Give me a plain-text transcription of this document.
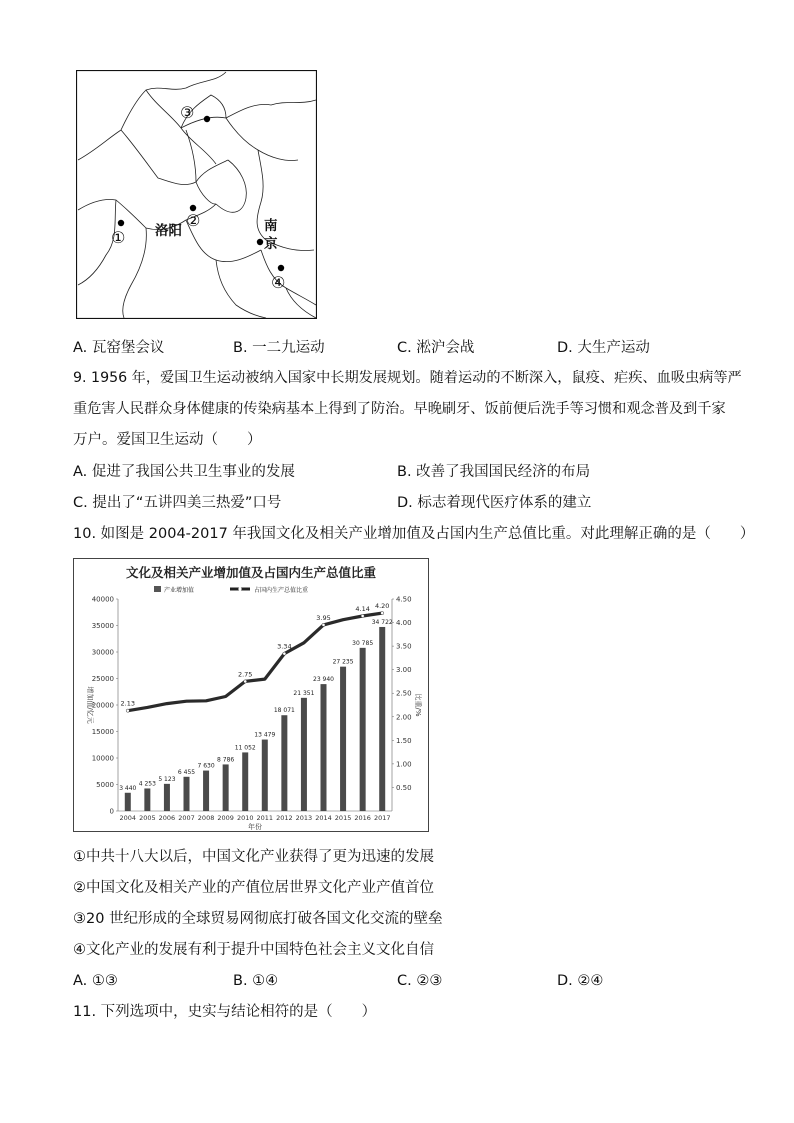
③
②
①
④
洛阳	南
京
A. 瓦窑堡会议	B. 一二九运动	C. 淞沪会战	D. 大生产运动
9. 1956 年，爱国卫生运动被纳入国家中长期发展规划。随着运动的不断深入，鼠疫、疟疾、血吸虫病等严
重危害人民群众身体健康的传染病基本上得到了防治。早晚刷牙、饭前便后洗手等习惯和观念普及到千家
万户。爱国卫生运动（　　）
A. 促进了我国公共卫生事业的发展	B. 改善了我国国民经济的布局
C. 提出了“五讲四美三热爱”口号	D. 标志着现代医疗体系的建立
10. 如图是 2004-2017 年我国文化及相关产业增加值及占国内生产总值比重。对此理解正确的是（　　）
文化及相关产业增加值及占国内生产总值比重
产业增加值	占国内生产总值比重
0
5000
10000
15000
20000
25000
30000
35000
40000
0.50
1.00
1.50
2.00
2.50
3.00
3.50
4.00
4.50
增加值/亿元	比重/%
年份
3 440
2004
4 253
2005
5 123
2006
6 455
2007
7 630
2008
8 786
2009
11 052
2010
13 479
2011
18 071
2012
21 351
2013
23 940
2014
27 235
2015
30 785
2016
34 722
2017
2.13
2.75
3.34
3.95
4.14 4.20
①中共十八大以后，中国文化产业获得了更为迅速的发展
②中国文化及相关产业的产值位居世界文化产业产值首位
③20 世纪形成的全球贸易网彻底打破各国文化交流的壁垒
④文化产业的发展有利于提升中国特色社会主义文化自信
A. ①③	B. ①④	C. ②③	D. ②④
11. 下列选项中，史实与结论相符的是（　　）
